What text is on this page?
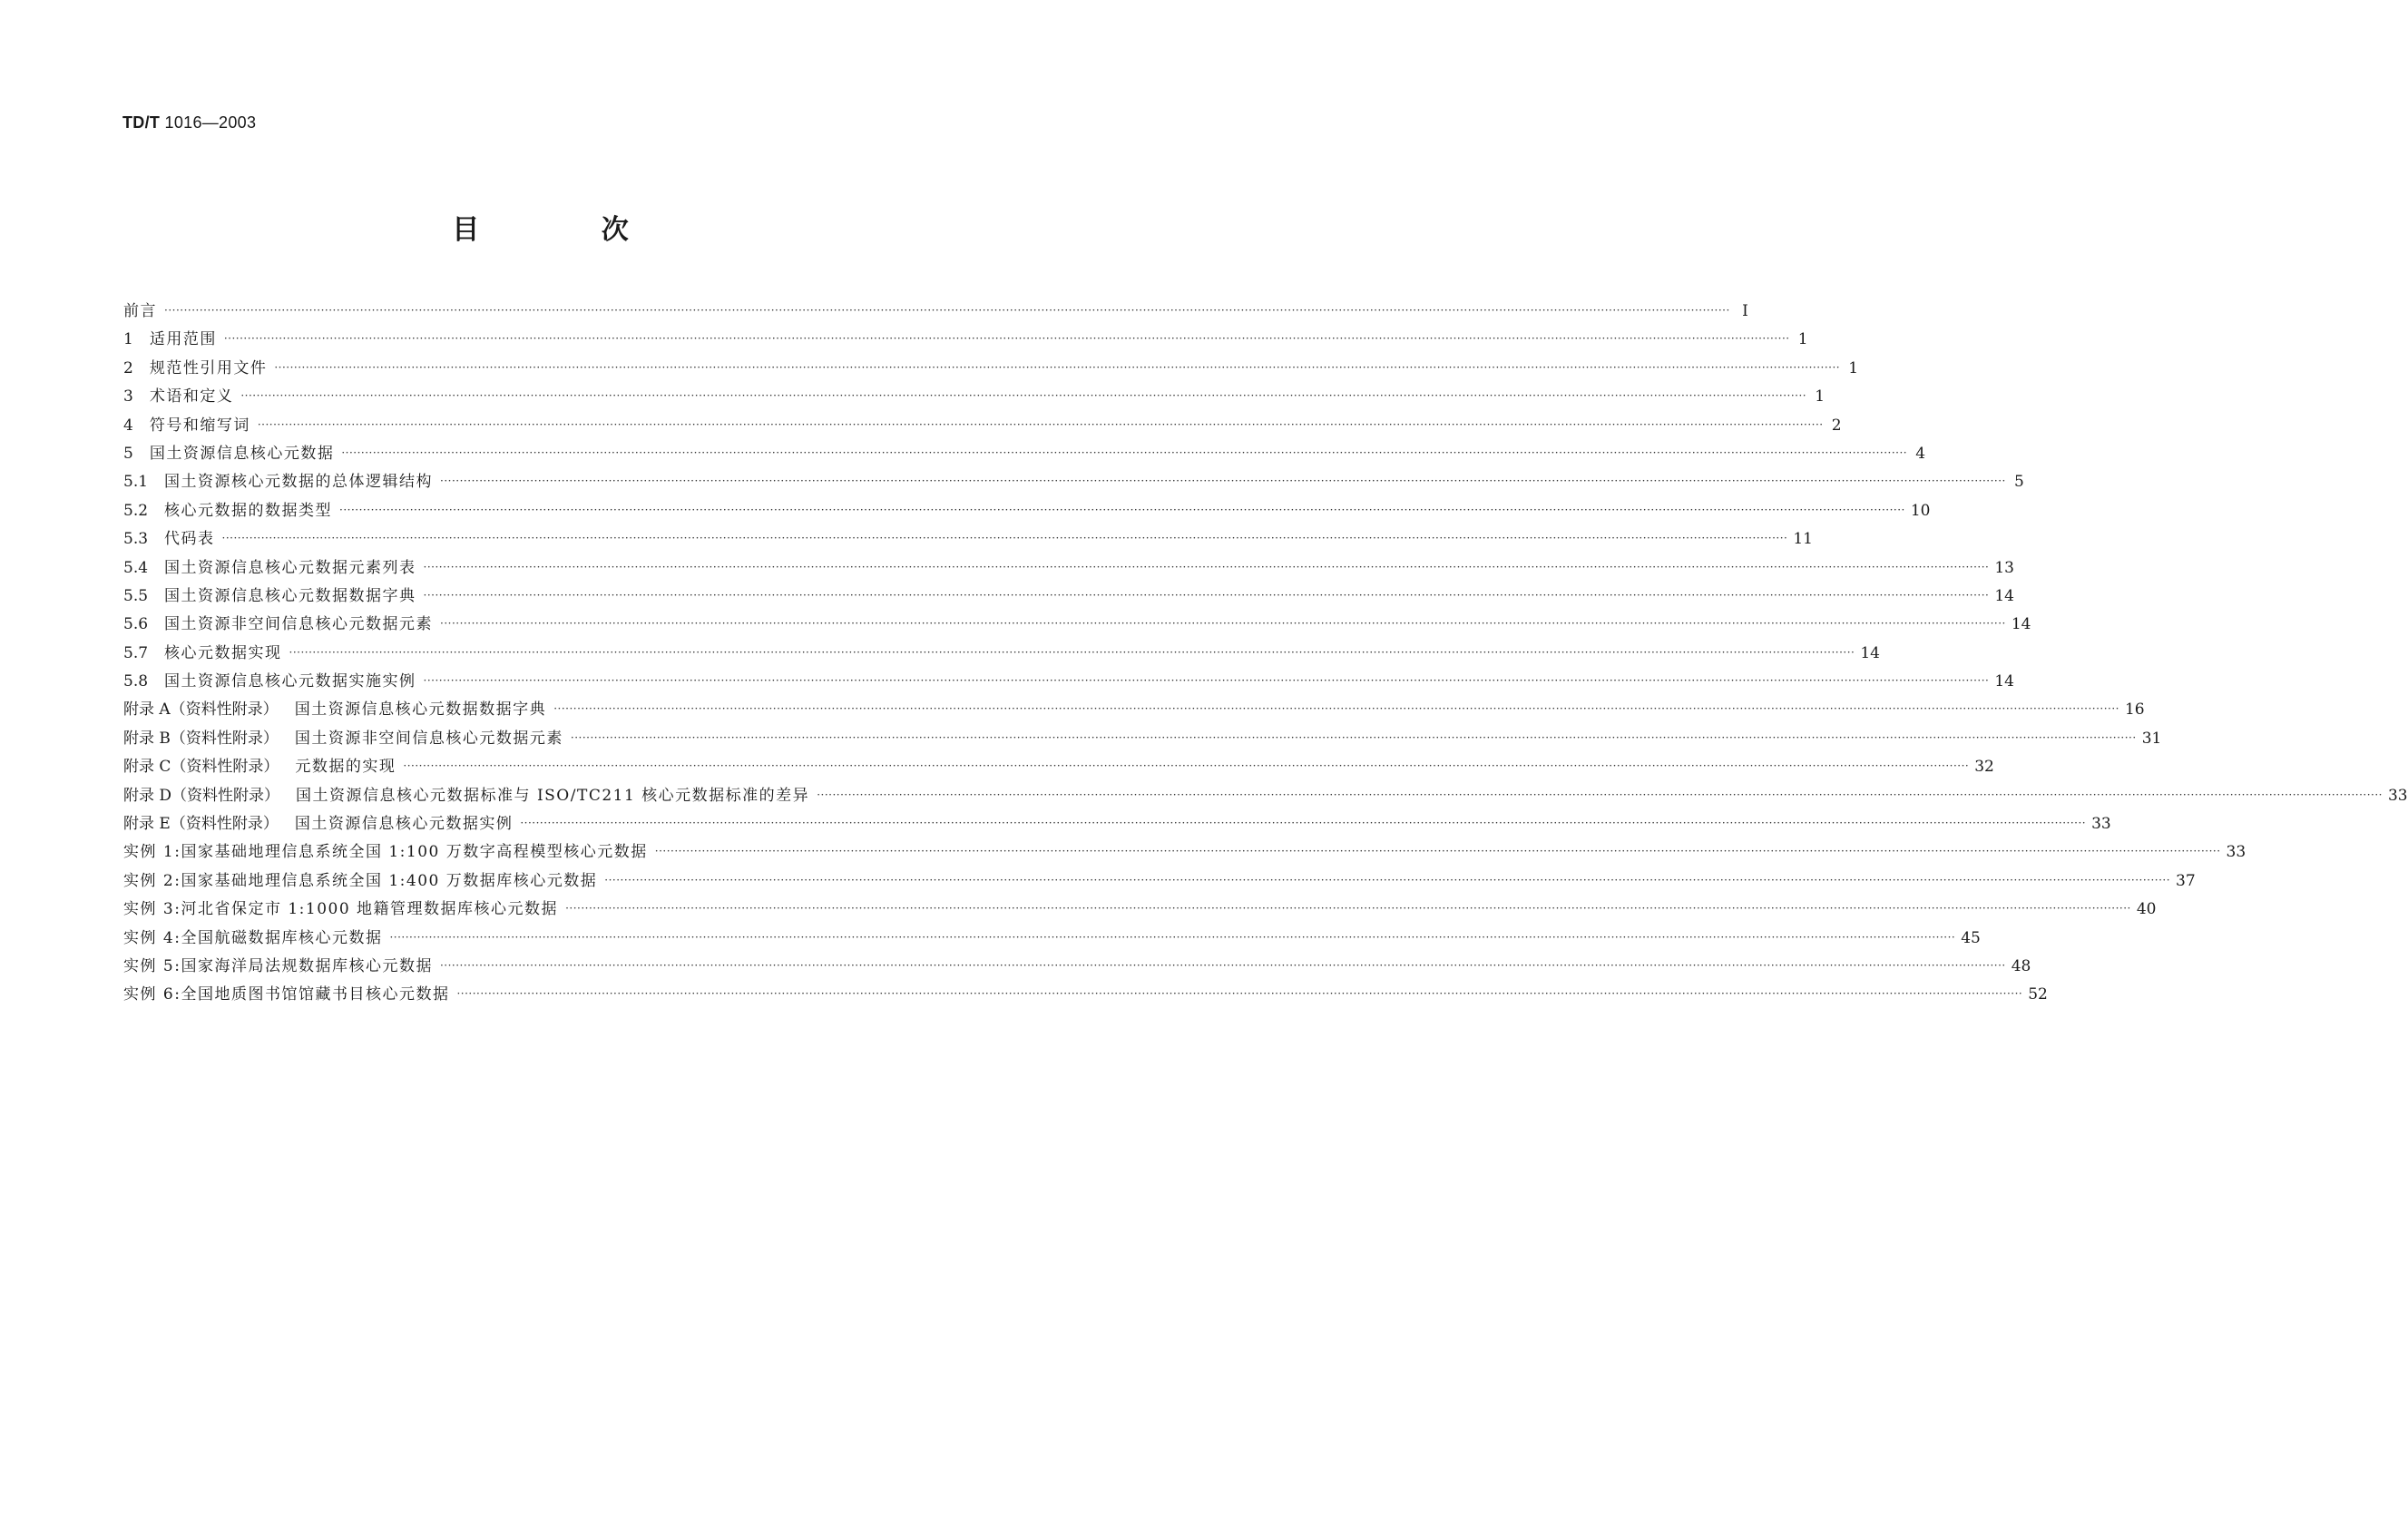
TD/T 1016—2003
目 次
前言 ················································································································································································································································································································································································································ I
1 适用范围 ················································································································································································································································································································································································································ 1
2 规范性引用文件 ················································································································································································································································································································································································································ 1
3 术语和定义 ················································································································································································································································································································································································································ 1
4 符号和缩写词 ················································································································································································································································································································································································································ 2
5 国土资源信息核心元数据 ················································································································································································································································································································································································································ 4
5.1 国土资源核心元数据的总体逻辑结构 ················································································································································································································································································································································································································ 5
5.2 核心元数据的数据类型 ················································································································································································································································································································································································································ 10
5.3 代码表 ················································································································································································································································································································································································································ 11
5.4 国土资源信息核心元数据元素列表 ················································································································································································································································································································································································································ 13
5.5 国土资源信息核心元数据数据字典 ················································································································································································································································································································································································································ 14
5.6 国土资源非空间信息核心元数据元素 ················································································································································································································································································································································································································ 14
5.7 核心元数据实现 ················································································································································································································································································································································································································ 14
5.8 国土资源信息核心元数据实施实例 ················································································································································································································································································································································································································ 14
附录 A（资料性附录） 国土资源信息核心元数据数据字典 ················································································································································································································································································································································································································ 16
附录 B（资料性附录） 国土资源非空间信息核心元数据元素 ················································································································································································································································································································································································································ 31
附录 C（资料性附录） 元数据的实现 ················································································································································································································································································································································································································ 32
附录 D（资料性附录） 国土资源信息核心元数据标准与 ISO/TC211 核心元数据标准的差异 ················································································································································································································································································································································································································ 33
附录 E（资料性附录） 国土资源信息核心元数据实例 ················································································································································································································································································································································································································ 33
实例 1:国家基础地理信息系统全国 1:100 万数字高程模型核心元数据 ················································································································································································································································································································································································································ 33
实例 2:国家基础地理信息系统全国 1:400 万数据库核心元数据 ················································································································································································································································································································································································································ 37
实例 3:河北省保定市 1:1000 地籍管理数据库核心元数据 ················································································································································································································································································································································································································ 40
实例 4:全国航磁数据库核心元数据 ················································································································································································································································································································································································································ 45
实例 5:国家海洋局法规数据库核心元数据 ················································································································································································································································································································································································································ 48
实例 6:全国地质图书馆馆藏书目核心元数据 ················································································································································································································································································································································································································ 52
